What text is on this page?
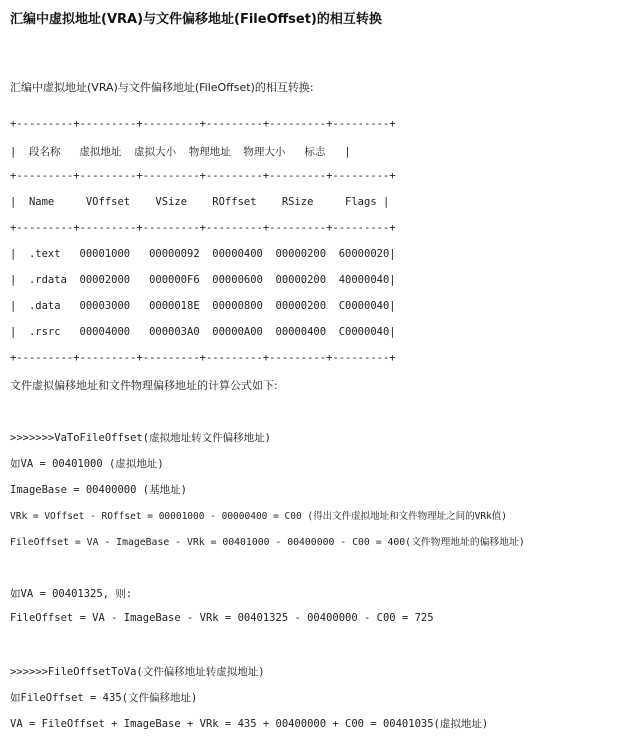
汇编中虚拟地址(VRA)与文件偏移地址(FileOffset)的相互转换
汇编中虚拟地址(VRA)与文件偏移地址(FileOffset)的相互转换:
+---------+---------+---------+---------+---------+---------+
|  段名称   虚拟地址  虚拟大小  物理地址  物理大小   标志   |
+---------+---------+---------+---------+---------+---------+
|  Name     VOffset    VSize    ROffset    RSize     Flags |
+---------+---------+---------+---------+---------+---------+
|  .text   00001000   00000092  00000400  00000200  60000020|
|  .rdata  00002000   000000F6  00000600  00000200  40000040|
|  .data   00003000   0000018E  00000800  00000200  C0000040|
|  .rsrc   00004000   000003A0  00000A00  00000400  C0000040|
+---------+---------+---------+---------+---------+---------+
文件虚拟偏移地址和文件物理偏移地址的计算公式如下:
>>>>>>>VaToFileOffset(虚拟地址转文件偏移地址)
如VA = 00401000 (虚拟地址)
ImageBase = 00400000 (基地址)
VRk = VOffset - ROffset = 00001000 - 00000400 = C00 (得出文件虚拟地址和文件物理址之间的VRk值)
FileOffset = VA - ImageBase - VRk = 00401000 - 00400000 - C00 = 400(文件物理地址的偏移地址)
如VA = 00401325, 则:
FileOffset = VA - ImageBase - VRk = 00401325 - 00400000 - C00 = 725
>>>>>>FileOffsetToVa(文件偏移地址转虚拟地址)
如FileOffset = 435(文件偏移地址)
VA = FileOffset + ImageBase + VRk = 435 + 00400000 + C00 = 00401035(虚拟地址)
